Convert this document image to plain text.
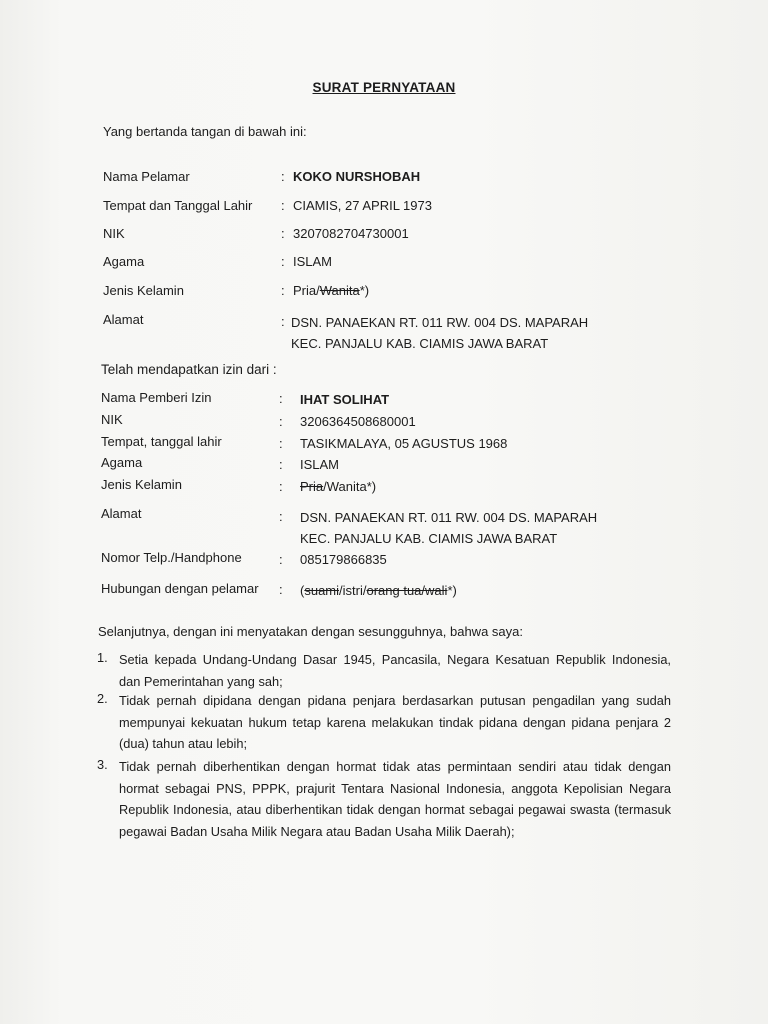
SURAT PERNYATAAN
Yang bertanda tangan di bawah ini:
Nama Pelamar	: KOKO NURSHOBAH
Tempat dan Tanggal Lahir : CIAMIS, 27 APRIL 1973
NIK	: 3207082704730001
Agama	: ISLAM
Jenis Kelamin	: Pria/Wanita*)
Alamat	: DSN. PANAEKAN RT. 011 RW. 004 DS. MAPARAH
KEC. PANJALU KAB. CIAMIS JAWA BARAT
Telah mendapatkan izin dari :
Nama Pemberi Izin	: IHAT SOLIHAT
NIK	: 3206364508680001
Tempat, tanggal lahir	: TASIKMALAYA, 05 AGUSTUS 1968
Agama	: ISLAM
Jenis Kelamin	: Pria/Wanita*)
Alamat	: DSN. PANAEKAN RT. 011 RW. 004 DS. MAPARAH
KEC. PANJALU KAB. CIAMIS JAWA BARAT
Nomor Telp./Handphone	: 085179866835
Hubungan dengan pelamar : (suami/istri/orang tua/wali*)
Selanjutnya, dengan ini menyatakan dengan sesungguhnya, bahwa saya:
1. Setia kepada Undang-Undang Dasar 1945, Pancasila, Negara Kesatuan Republik Indonesia, dan Pemerintahan yang sah;
2. Tidak pernah dipidana dengan pidana penjara berdasarkan putusan pengadilan yang sudah mempunyai kekuatan hukum tetap karena melakukan tindak pidana dengan pidana penjara 2 (dua) tahun atau lebih;
3. Tidak pernah diberhentikan dengan hormat tidak atas permintaan sendiri atau tidak dengan hormat sebagai PNS, PPPK, prajurit Tentara Nasional Indonesia, anggota Kepolisian Negara Republik Indonesia, atau diberhentikan tidak dengan hormat sebagai pegawai swasta (termasuk pegawai Badan Usaha Milik Negara atau Badan Usaha Milik Daerah);
